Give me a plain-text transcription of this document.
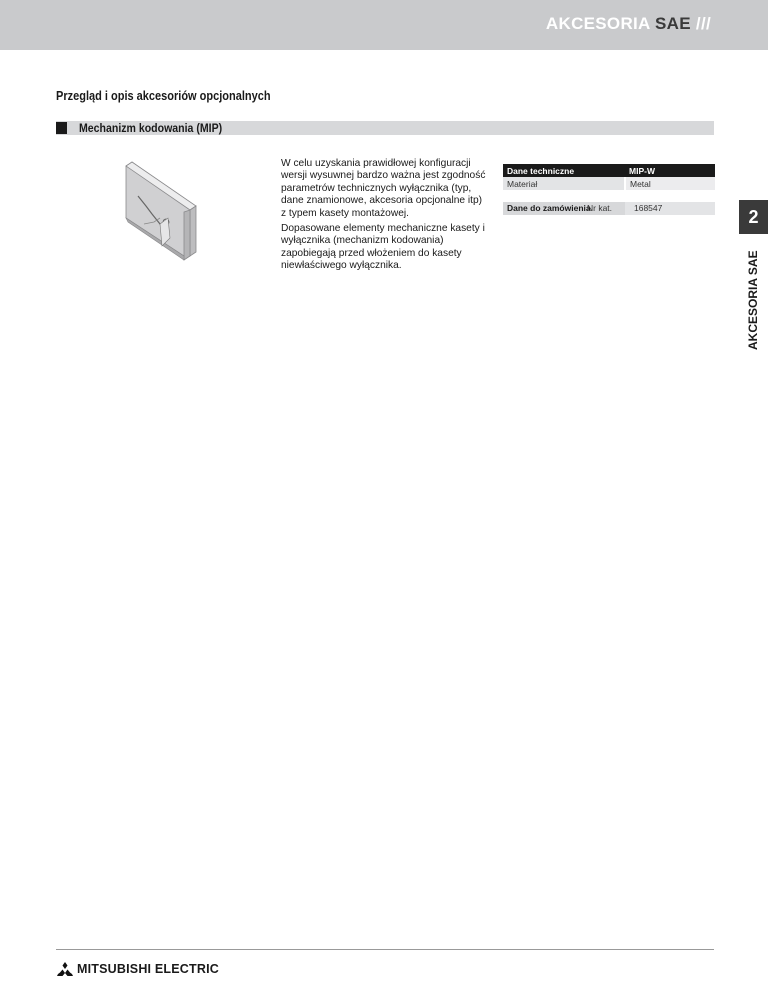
AKCESORIA SAE ///
Przegląd i opis akcesoriów opcjonalnych
Mechanizm kodowania (MIP)

W celu uzyskania prawidłowej konfiguracji wersji wysuwnej bardzo ważna jest zgodność parametrów technicznych wyłącznika (typ, dane znamionowe, akcesoria opcjonalne itp) z typem kasety montażowej.

Dopasowane elementy mechaniczne kasety i wyłącznika (mechanizm kodowania) zapobiegają przed włożeniem do kasety niewłaściwego wyłącznika.

Dane techniczne	MIP-W
Materiał	Metal
Dane do zamówienia
Nr kat.	168547	2
AKCESORIA SAE
MITSUBISHI ELECTRIC
